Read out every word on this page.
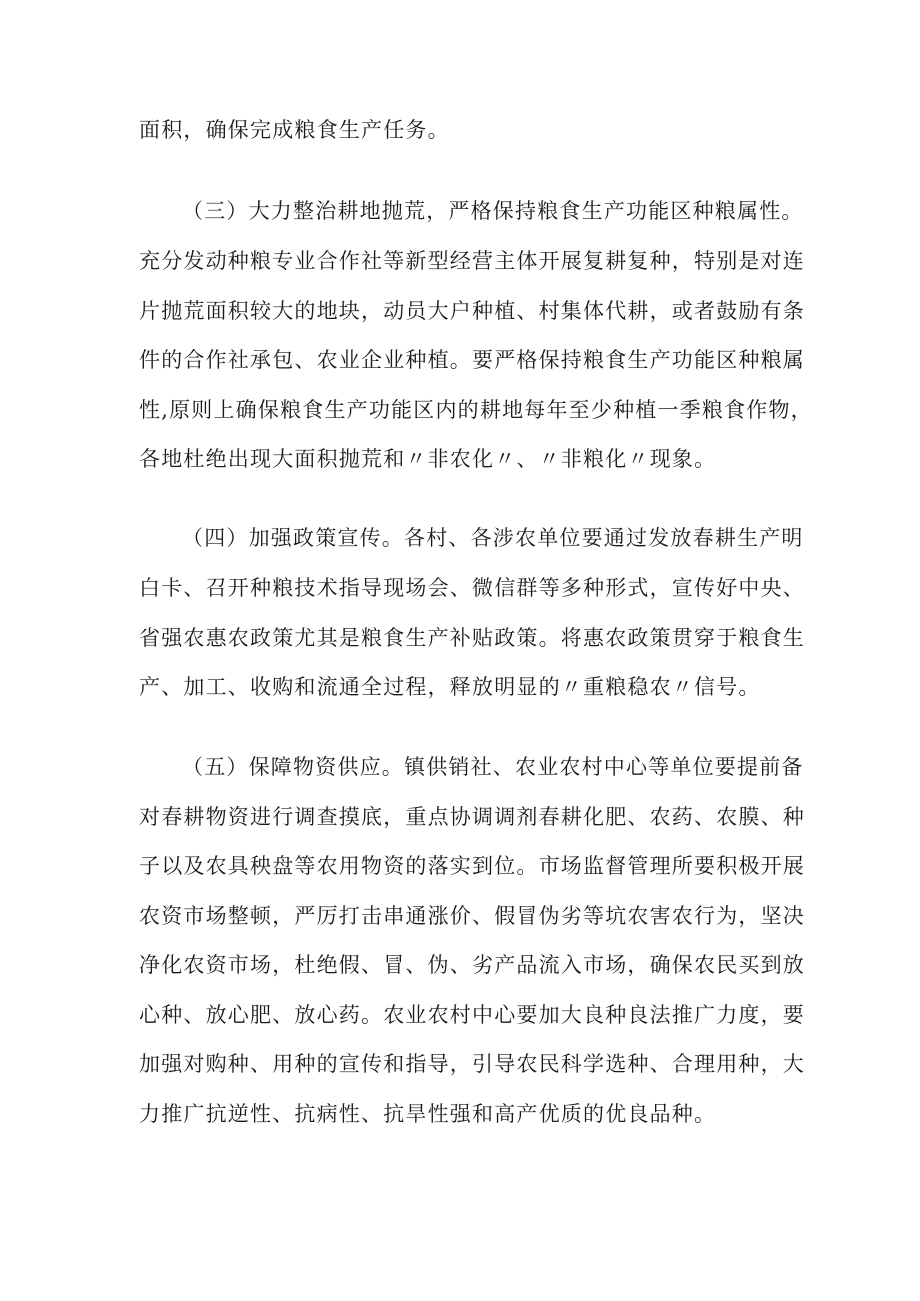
面积，确保完成粮食生产任务。
（三）大力整治耕地抛荒，严格保持粮食生产功能区种粮属性。
充分发动种粮专业合作社等新型经营主体开展复耕复种，特别是对连
片抛荒面积较大的地块，动员大户种植、村集体代耕，或者鼓励有条
件的合作社承包、农业企业种植。要严格保持粮食生产功能区种粮属
性,原则上确保粮食生产功能区内的耕地每年至少种植一季粮食作物，
各地杜绝出现大面积抛荒和〃非农化〃、〃非粮化〃现象。
（四）加强政策宣传。各村、各涉农单位要通过发放春耕生产明
白卡、召开种粮技术指导现场会、微信群等多种形式，宣传好中央、
省强农惠农政策尤其是粮食生产补贴政策。将惠农政策贯穿于粮食生
产、加工、收购和流通全过程，释放明显的〃重粮稳农〃信号。
（五）保障物资供应。镇供销社、农业农村中心等单位要提前备
对春耕物资进行调查摸底，重点协调调剂春耕化肥、农药、农膜、种
子以及农具秧盘等农用物资的落实到位。市场监督管理所要积极开展
农资市场整顿，严厉打击串通涨价、假冒伪劣等坑农害农行为，坚决
净化农资市场，杜绝假、冒、伪、劣产品流入市场，确保农民买到放
心种、放心肥、放心药。农业农村中心要加大良种良法推广力度，要
加强对购种、用种的宣传和指导，引导农民科学选种、合理用种，大
力推广抗逆性、抗病性、抗旱性强和高产优质的优良品种。
